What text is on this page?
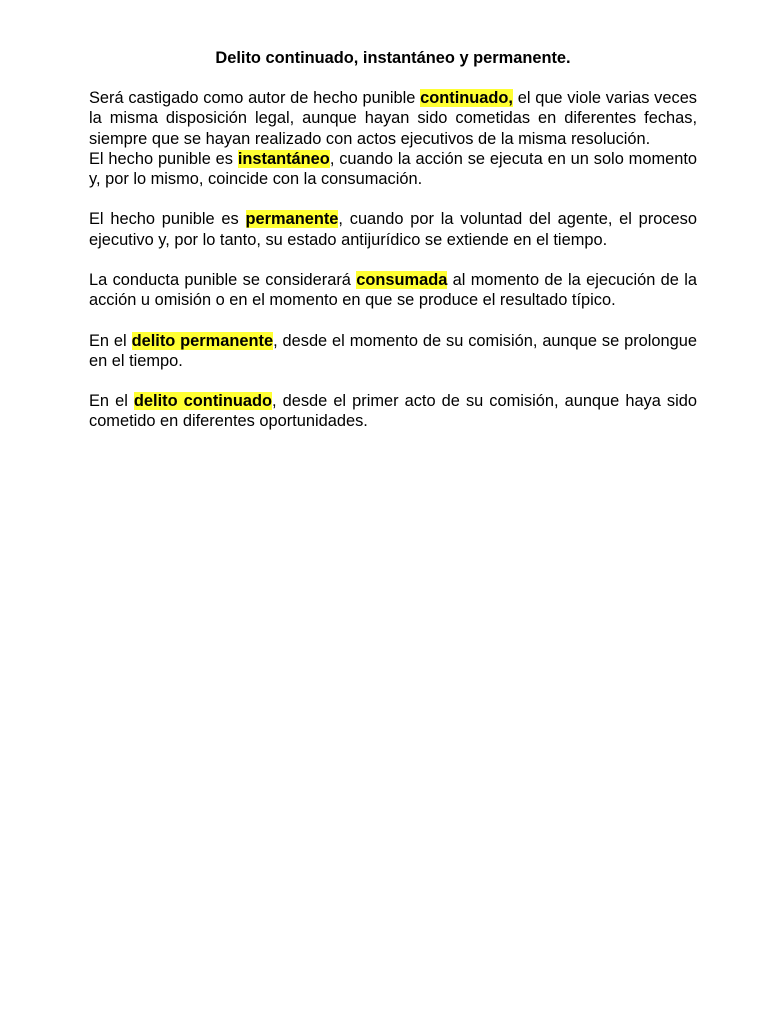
Delito continuado, instantáneo y permanente.

Será castigado como autor de hecho punible continuado, el que viole varias veces la misma disposición legal, aunque hayan sido cometidas en diferentes fechas, siempre que se hayan realizado con actos ejecutivos de la misma resolución.

El hecho punible es instantáneo, cuando la acción se ejecuta en un solo momento y, por lo mismo, coincide con la consumación.

El hecho punible es permanente, cuando por la voluntad del agente, el proceso ejecutivo y, por lo tanto, su estado antijurídico se extiende en el tiempo.

La conducta punible se considerará consumada al momento de la ejecución de la acción u omisión o en el momento en que se produce el resultado típico.

En el delito permanente, desde el momento de su comisión, aunque se prolongue en el tiempo.

En el delito continuado, desde el primer acto de su comisión, aunque haya sido cometido en diferentes oportunidades.
